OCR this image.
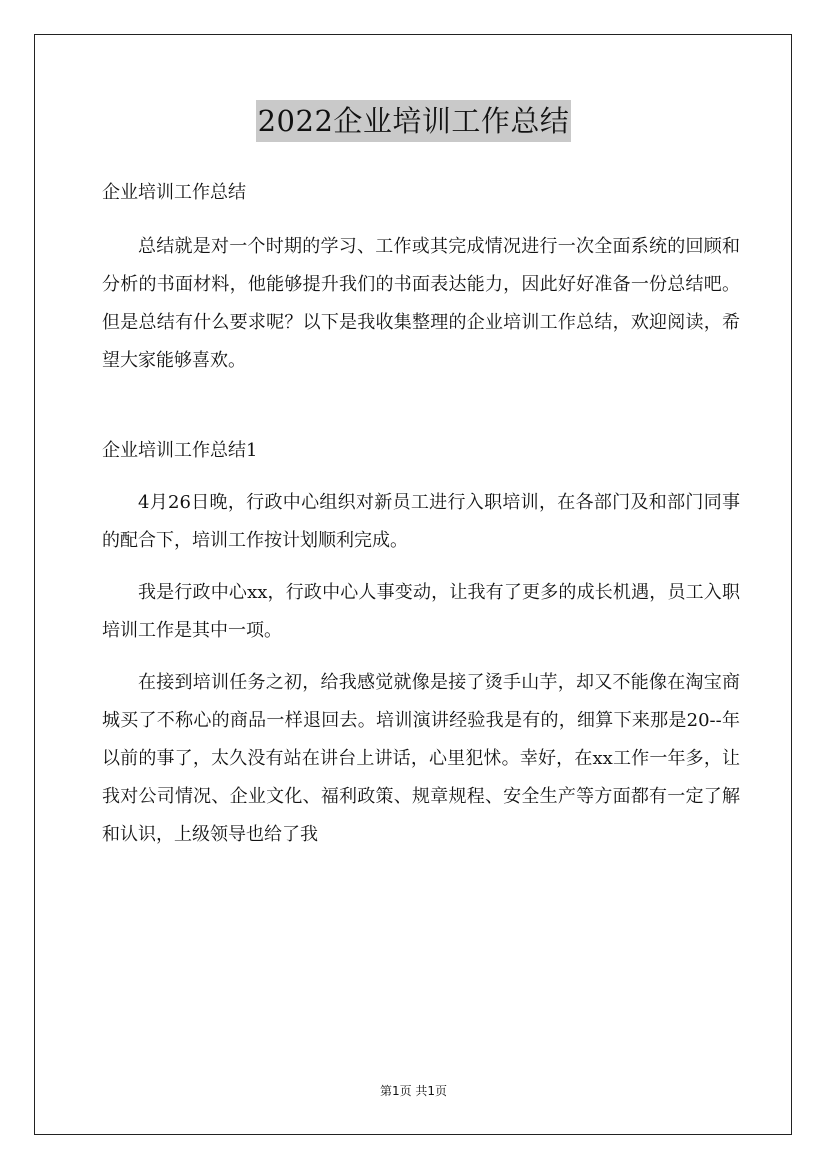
2022企业培训工作总结

企业培训工作总结

总结就是对一个时期的学习、工作或其完成情况进行一次全面系统的回顾和分析的书面材料，他能够提升我们的书面表达能力，因此好好准备一份总结吧。但是总结有什么要求呢？以下是我收集整理的企业培训工作总结，欢迎阅读，希望大家能够喜欢。

企业培训工作总结1

4月26日晚，行政中心组织对新员工进行入职培训，在各部门及和部门同事的配合下，培训工作按计划顺利完成。

我是行政中心xx，行政中心人事变动，让我有了更多的成长机遇，员工入职培训工作是其中一项。

在接到培训任务之初，给我感觉就像是接了烫手山芋，却又不能像在淘宝商城买了不称心的商品一样退回去。培训演讲经验我是有的，细算下来那是20--年以前的事了，太久没有站在讲台上讲话，心里犯怵。幸好，在xx工作一年多，让我对公司情况、企业文化、福利政策、规章规程、安全生产等方面都有一定了解和认识，上级领导也给了我

第1页 共1页
